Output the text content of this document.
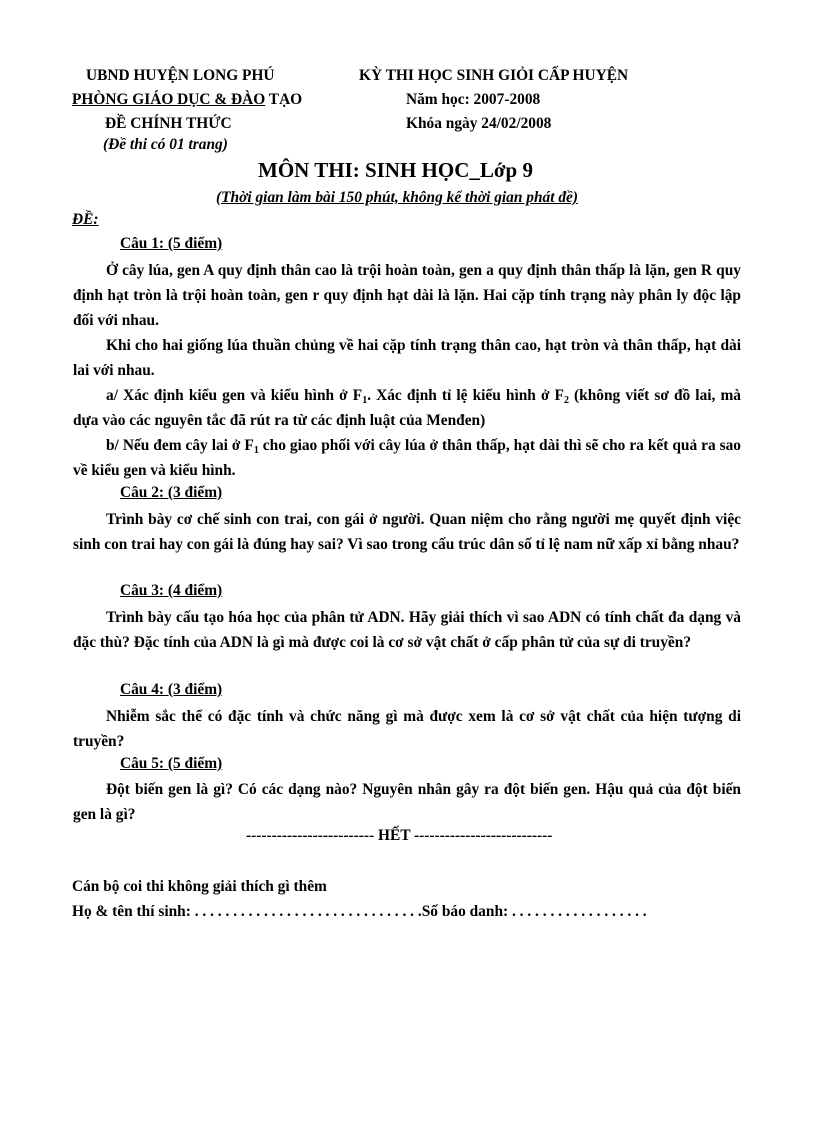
UBND HUYỆN LONG PHÚ
PHÒNG GIÁO DỤC & ĐÀO TẠO
ĐỀ CHÍNH THỨC
(Đề thi có 01 trang)
KỲ THI HỌC SINH GIỎI CẤP HUYỆN
Năm học: 2007-2008
Khóa ngày 24/02/2008
MÔN THI: SINH HỌC_Lớp 9
(Thời gian làm bài 150 phút, không kể thời gian phát đề)
ĐỀ:
Câu 1: (5 điểm)
Ở cây lúa, gen A quy định thân cao là trội hoàn toàn, gen a quy định thân thấp là lặn, gen R quy định hạt tròn là trội hoàn toàn, gen r quy định hạt dài là lặn. Hai cặp tính trạng này phân ly độc lập đối với nhau.
Khi cho hai giống lúa thuần chủng về hai cặp tính trạng thân cao, hạt tròn và thân thấp, hạt dài lai với nhau.
a/ Xác định kiểu gen và kiểu hình ở $F_1$. Xác định tỉ lệ kiểu hình ở $F_2$ (không viết sơ đồ lai, mà dựa vào các nguyên tắc đã rút ra từ các định luật của Menđen)
b/ Nếu đem cây lai ở $F_1$ cho giao phối với cây lúa ở thân thấp, hạt dài thì sẽ cho ra kết quả ra sao về kiểu gen và kiểu hình.
Câu 2: (3 điểm)
Trình bày cơ chế sinh con trai, con gái ở người. Quan niệm cho rằng người mẹ quyết định việc sinh con trai hay con gái là đúng hay sai? Vì sao trong cấu trúc dân số tỉ lệ nam nữ xấp xỉ bằng nhau?
Câu 3: (4 điểm)
Trình bày cấu tạo hóa học của phân tử ADN. Hãy giải thích vì sao ADN có tính chất đa dạng và đặc thù? Đặc tính của ADN là gì mà được coi là cơ sở vật chất ở cấp phân tử của sự di truyền?
Câu 4: (3 điểm)
Nhiễm sắc thể có đặc tính và chức năng gì mà được xem là cơ sở vật chất của hiện tượng di truyền?
Câu 5: (5 điểm)
Đột biến gen là gì? Có các dạng nào? Nguyên nhân gây ra đột biến gen. Hậu quả của đột biến gen là gì?
------------------------- HẾT ---------------------------
Cán bộ coi thi không giải thích gì thêm
Họ & tên thí sinh: . . . . . . . . . . . . . . . . . . . . . . . . . . . . . .Số báo danh: . . . . . . . . . . . . . . . . . .
